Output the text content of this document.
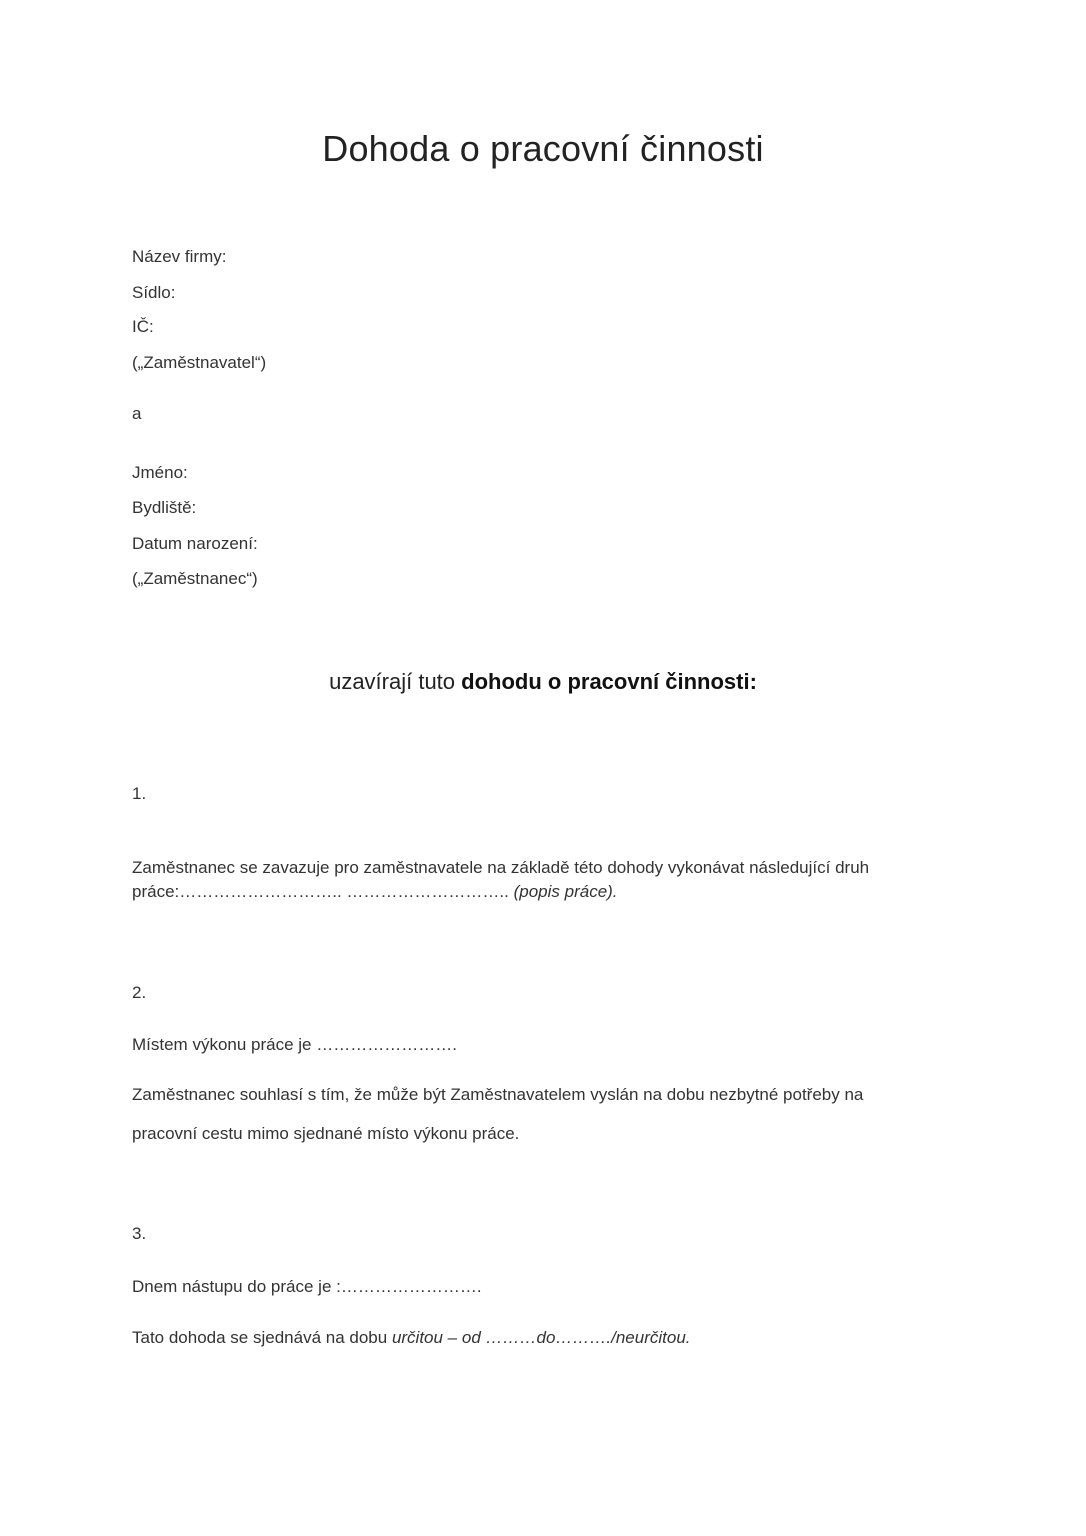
Dohoda o pracovní činnosti
Název firmy:
Sídlo:
IČ:
(„Zaměstnavatel“)
a
Jméno:
Bydliště:
Datum narození:
(„Zaměstnanec“)
uzavírají tuto dohodu o pracovní činnosti:
1.
Zaměstnanec se zavazuje pro zaměstnavatele na základě této dohody vykonávat následující druh
práce:……………………….. ……………………….. (popis práce).
2.
Místem výkonu práce je …………………….
Zaměstnanec souhlasí s tím, že může být Zaměstnavatelem vyslán na dobu nezbytné potřeby na
pracovní cestu mimo sjednané místo výkonu práce.
3.
Dnem nástupu do práce je :…………………….
Tato dohoda se sjednává na dobu určitou – od ………do………./neurčitou.
